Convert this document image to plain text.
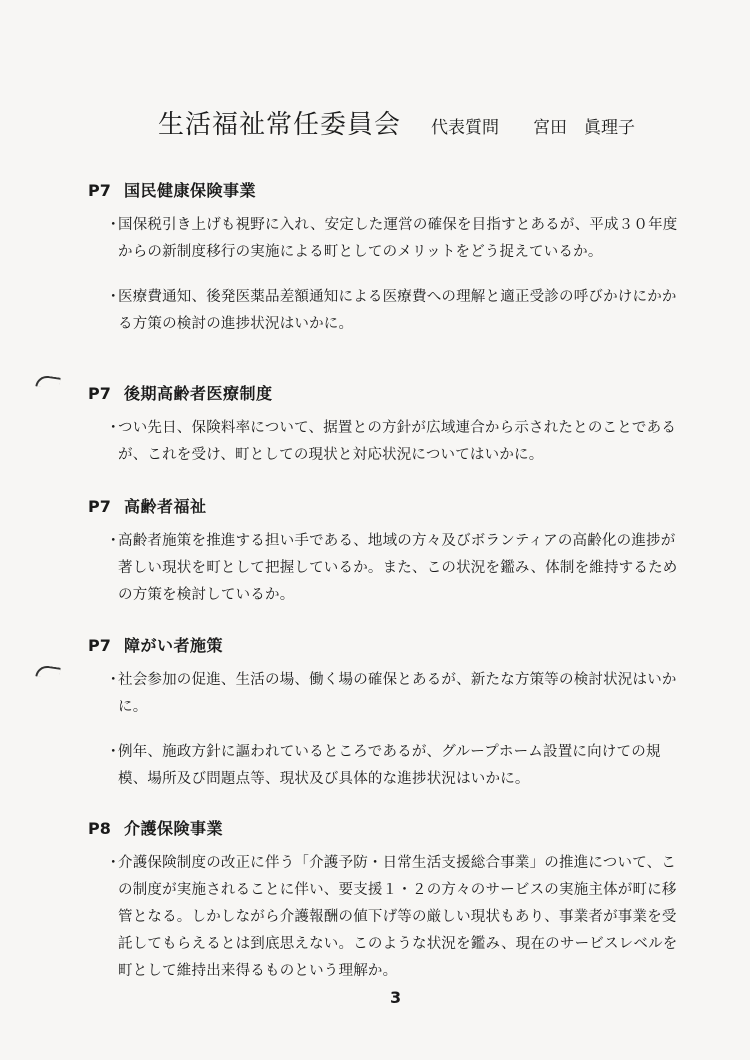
生活福祉常任委員会 代表質問 宮田　眞理子
P7 国民健康保険事業
・
国保税引き上げも視野に入れ、安定した運営の確保を目指すとあるが、平成３０年度からの新制度移行の実施による町としてのメリットをどう捉えているか。
・
医療費通知、後発医薬品差額通知による医療費への理解と適正受診の呼びかけにかかる方策の検討の進捗状況はいかに。
P7 後期高齢者医療制度
・
つい先日、保険料率について、据置との方針が広域連合から示されたとのことであるが、これを受け、町としての現状と対応状況についてはいかに。
P7 高齢者福祉
・
高齢者施策を推進する担い手である、地域の方々及びボランティアの高齢化の進捗が著しい現状を町として把握しているか。また、この状況を鑑み、体制を維持するための方策を検討しているか。
P7 障がい者施策
・
社会参加の促進、生活の場、働く場の確保とあるが、新たな方策等の検討状況はいかに。
・
例年、施政方針に謳われているところであるが、グループホーム設置に向けての規模、場所及び問題点等、現状及び具体的な進捗状況はいかに。
P8 介護保険事業
・
介護保険制度の改正に伴う「介護予防・日常生活支援総合事業」の推進について、この制度が実施されることに伴い、要支援１・２の方々のサービスの実施主体が町に移管となる。しかしながら介護報酬の値下げ等の厳しい現状もあり、事業者が事業を受託してもらえるとは到底思えない。このような状況を鑑み、現在のサービスレベルを町として維持出来得るものという理解か。
3
